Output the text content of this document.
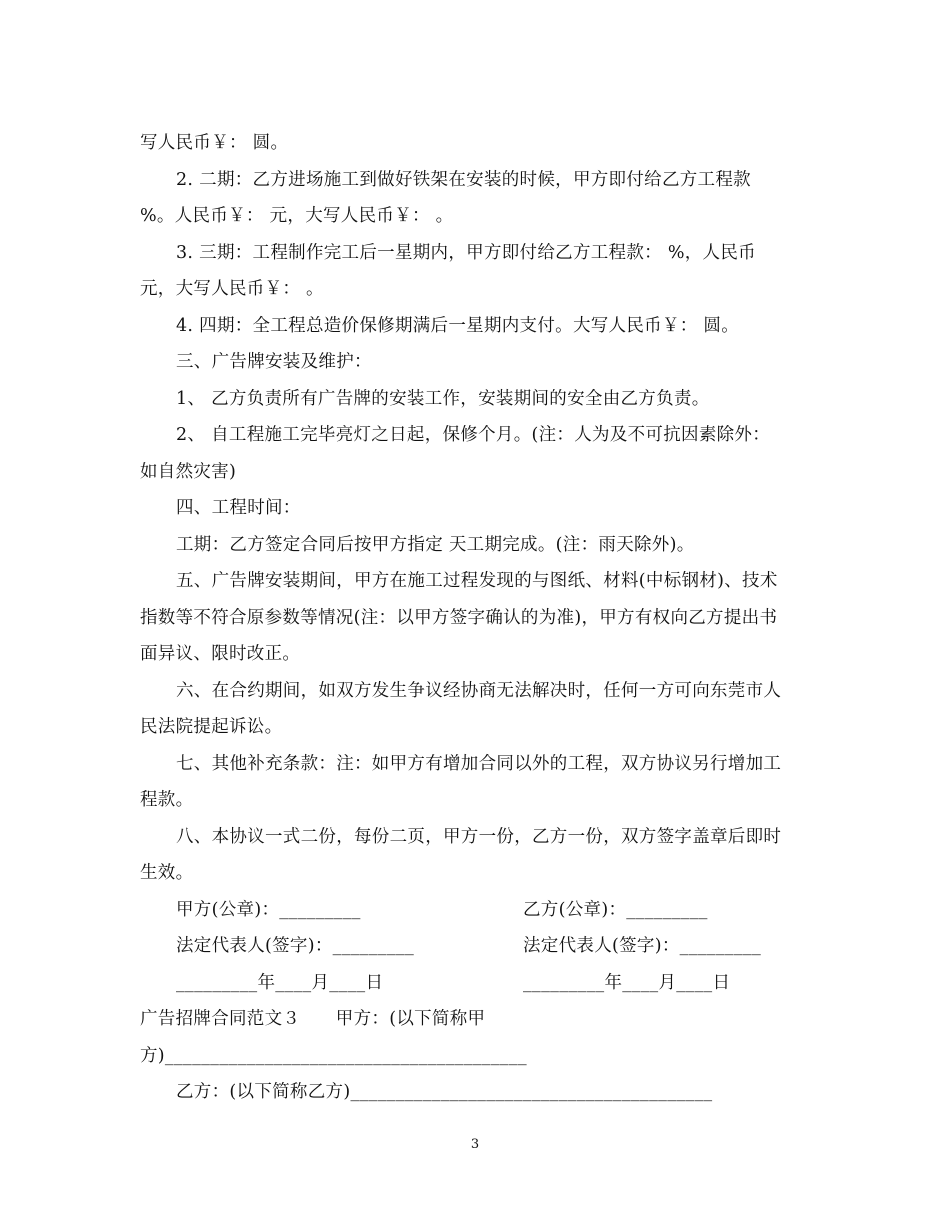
写人民币￥： 圆。
2. 二期：乙方进场施工到做好铁架在安装的时候，甲方即付给乙方工程款
%。人民币￥： 元，大写人民币￥： 。
3. 三期：工程制作完工后一星期内，甲方即付给乙方工程款： %，人民币
元，大写人民币￥： 。
4. 四期：全工程总造价保修期满后一星期内支付。大写人民币￥： 圆。
三、广告牌安装及维护：
1、 乙方负责所有广告牌的安装工作，安装期间的安全由乙方负责。
2、 自工程施工完毕亮灯之日起，保修个月。(注：人为及不可抗因素除外：
如自然灾害)
四、工程时间：
工期：乙方签定合同后按甲方指定 天工期完成。(注：雨天除外)。
五、广告牌安装期间，甲方在施工过程发现的与图纸、材料(中标钢材)、技术
指数等不符合原参数等情况(注：以甲方签字确认的为准)，甲方有权向乙方提出书
面异议、限时改正。
六、在合约期间，如双方发生争议经协商无法解决时，任何一方可向东莞市人
民法院提起诉讼。
七、其他补充条款：注：如甲方有增加合同以外的工程，双方协议另行增加工
程款。
八、本协议一式二份，每份二页，甲方一份，乙方一份，双方签字盖章后即时
生效。
甲方(公章)：_________	乙方(公章)：_________
法定代表人(签字)：_________	法定代表人(签字)：_________
_________年____月____日	_________年____月____日
广告招牌合同范文３　　甲方：(以下简称甲
方)________________________________________
乙方：(以下简称乙方)________________________________________
3
